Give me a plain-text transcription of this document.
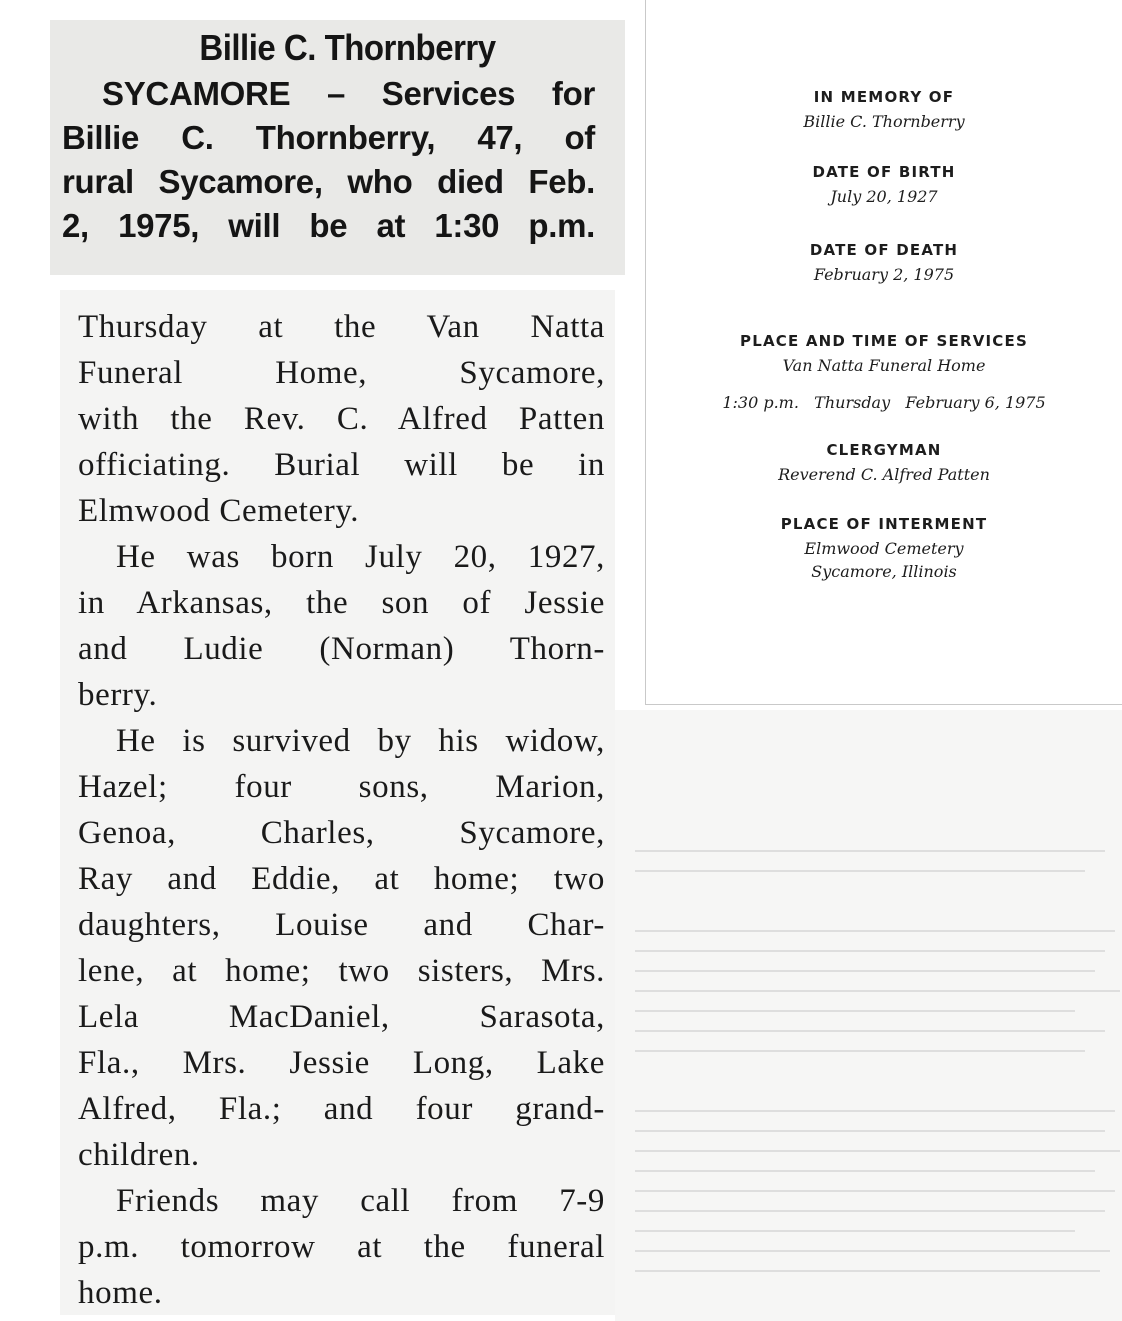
Billie C. Thornberry
SYCAMORE – Services for
Billie C. Thornberry, 47, of
rural Sycamore, who died Feb.
2, 1975, will be at 1:30 p.m.
Thursday at the Van Natta
Funeral Home, Sycamore,
with the Rev. C. Alfred Patten
officiating. Burial will be in
Elmwood Cemetery.
He was born July 20, 1927,
in Arkansas, the son of Jessie
and Ludie (Norman) Thorn-
berry.
He is survived by his widow,
Hazel; four sons, Marion,
Genoa, Charles, Sycamore,
Ray and Eddie, at home; two
daughters, Louise and Char-
lene, at home; two sisters, Mrs.
Lela MacDaniel, Sarasota,
Fla., Mrs. Jessie Long, Lake
Alfred, Fla.; and four grand-
children.
Friends may call from 7-9
p.m. tomorrow at the funeral
home.
IN MEMORY OF
Billie C. Thornberry
DATE OF BIRTH
July 20, 1927
DATE OF DEATH
February 2, 1975
PLACE AND TIME OF SERVICES
Van Natta Funeral Home
1:30 p.m.   Thursday   February 6, 1975
CLERGYMAN
Reverend C. Alfred Patten
PLACE OF INTERMENT
Elmwood Cemetery
Sycamore, Illinois
